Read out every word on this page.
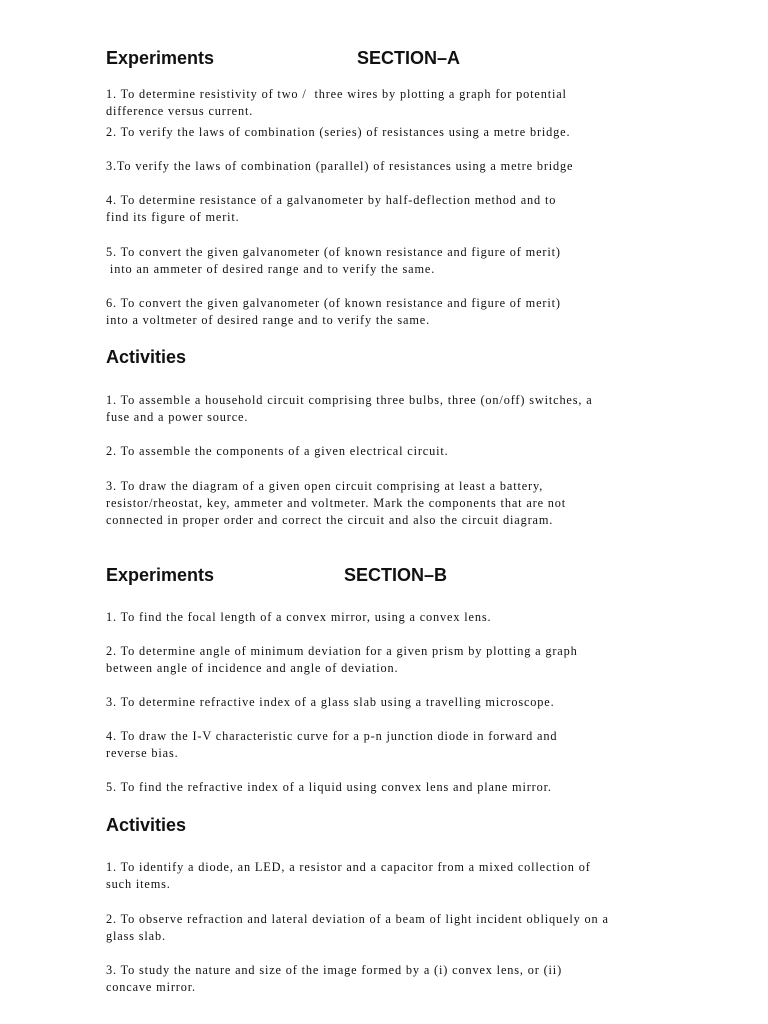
Experiments	SECTION–A
1. To determine resistivity of two /  three wires by plotting a graph for potential
difference versus current.
2. To verify the laws of combination (series) of resistances using a metre bridge.
3.To verify the laws of combination (parallel) of resistances using a metre bridge
4. To determine resistance of a galvanometer by half-deflection method and to
find its figure of merit.
5. To convert the given galvanometer (of known resistance and figure of merit)
into an ammeter of desired range and to verify the same.
6. To convert the given galvanometer (of known resistance and figure of merit)
into a voltmeter of desired range and to verify the same.
Activities
1. To assemble a household circuit comprising three bulbs, three (on/off) switches, a
fuse and a power source.
2. To assemble the components of a given electrical circuit.
3. To draw the diagram of a given open circuit comprising at least a battery,
resistor/rheostat, key, ammeter and voltmeter. Mark the components that are not
connected in proper order and correct the circuit and also the circuit diagram.
Experiments	SECTION–B
1. To find the focal length of a convex mirror, using a convex lens.
2. To determine angle of minimum deviation for a given prism by plotting a graph
between angle of incidence and angle of deviation.
3. To determine refractive index of a glass slab using a travelling microscope.
4. To draw the I-V characteristic curve for a p-n junction diode in forward and
reverse bias.
5. To find the refractive index of a liquid using convex lens and plane mirror.
Activities
1. To identify a diode, an LED, a resistor and a capacitor from a mixed collection of
such items.
2. To observe refraction and lateral deviation of a beam of light incident obliquely on a
glass slab.
3. To study the nature and size of the image formed by a (i) convex lens, or (ii)
concave mirror.
